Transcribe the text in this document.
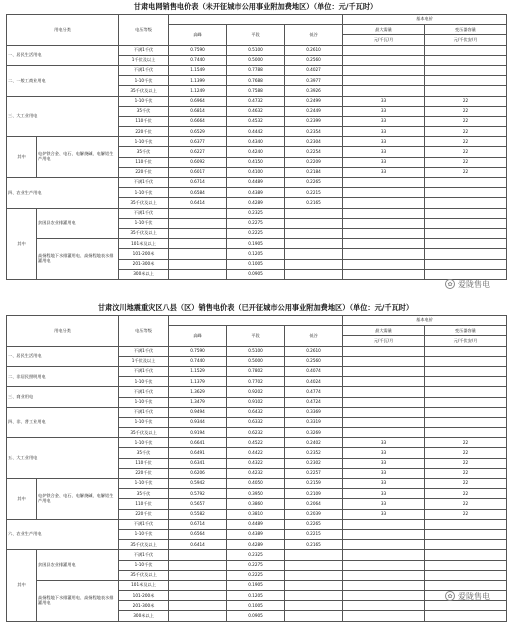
甘肃电网销售电价表（未开征城市公用事业附加费地区）（单位：元/千瓦时）
用电分类		电压等级				基本电价	
			高峰	平段	低谷	最大需量	变压器容量
						元/千瓦/月	元/千伏安/月
一、居民生活用电		不满1千伏	0.7590	0.5100	0.2610		
		1千伏及以上	0.7440	0.5000	0.2560		
二、一般工商业用电		不满1千伏	1.1549	0.7788	0.4027		
		1-10千伏	1.1399	0.7688	0.3977		
		35千伏及以上	1.1249	0.7588	0.3926		
三、大工业用电		1-10千伏	0.6964	0.4732	0.2499	33	22
		35千伏	0.6814	0.4632	0.2449	33	22
		110千伏	0.6664	0.4532	0.2399	33	22
		220千伏	0.6529	0.4442	0.2354	33	22
其中	电炉铁合金、电石、电解烧碱、电解铝生产用电	1-10千伏	0.6377	0.4340	0.2304	33	22
		35千伏	0.6227	0.4240	0.2254	33	22
		110千伏	0.6092	0.4150	0.2209	33	22
		220千伏	0.6017	0.4100	0.2184	33	22
四、农业生产用电		不满1千伏	0.6714	0.4489	0.2265		
		1-10千伏	0.6584	0.4389	0.2215		
		35千伏及以上	0.6414	0.4289	0.2165		
其中	贫困县农业排灌用电	不满1千伏		0.2325			
		1-10千伏		0.2275			
		35千伏及以上		0.2225			
	高扬程地下水排灌用电、高扬程地表水排灌用电	101米及以上		0.1905			
		101-200米		0.1205			
		201-300米		0.1005			
		300米以上		0.0905			
✿ 爱陇售电
甘肃汶川地震重灾区八县（区）销售电价表（已开征城市公用事业附加费地区）（单位：元/千瓦时）
用电分类		电压等级				基本电价	
			高峰	平段	低谷	最大需量	变压器容量
						元/千瓦/月	元/千伏安/月
一、居民生活用电		不满1千伏	0.7590	0.5100	0.2610		
		1千伏及以上	0.7440	0.5000	0.2560		
二、非居民照明用电		不满1千伏	1.1529	0.7802	0.4074		
		1-10千伏	1.1379	0.7702	0.4024		
三、商业用电		不满1千伏	1.3629	0.9202	0.4774		
		1-10千伏	1.3479	0.9102	0.4724		
四、非、普工业用电		不满1千伏	0.9494	0.6432	0.3369		
		1-10千伏	0.9344	0.6332	0.3319		
		35千伏及以上	0.9194	0.6232	0.3269		
五、大工业用电		1-10千伏	0.6641	0.4522	0.2402	33	22
		35千伏	0.6491	0.4422	0.2352	33	22
		110千伏	0.6341	0.4322	0.2302	33	22
		220千伏	0.6206	0.4232	0.2257	33	22
其中	电炉铁合金、电石、电解烧碱、电解铝生产用电	1-10千伏	0.5942	0.4050	0.2159	33	22
		35千伏	0.5792	0.3950	0.2109	33	22
		110千伏	0.5657	0.3860	0.2064	33	22
		220千伏	0.5582	0.3810	0.2039	33	22
六、农业生产用电		不满1千伏	0.6714	0.4489	0.2265		
		1-10千伏	0.6564	0.4389	0.2215		
		35千伏及以上	0.6414	0.4289	0.2165		
其中	贫困县农业排灌用电	不满1千伏		0.2325			
		1-10千伏		0.2275			
		35千伏及以上		0.2225			
	高扬程地下水排灌用电、高扬程地表水排灌用电	101米及以上		0.1905			
		101-200米		0.1205			
		201-300米		0.1005			
		300米以上		0.0905			
✿ 爱陇售电
